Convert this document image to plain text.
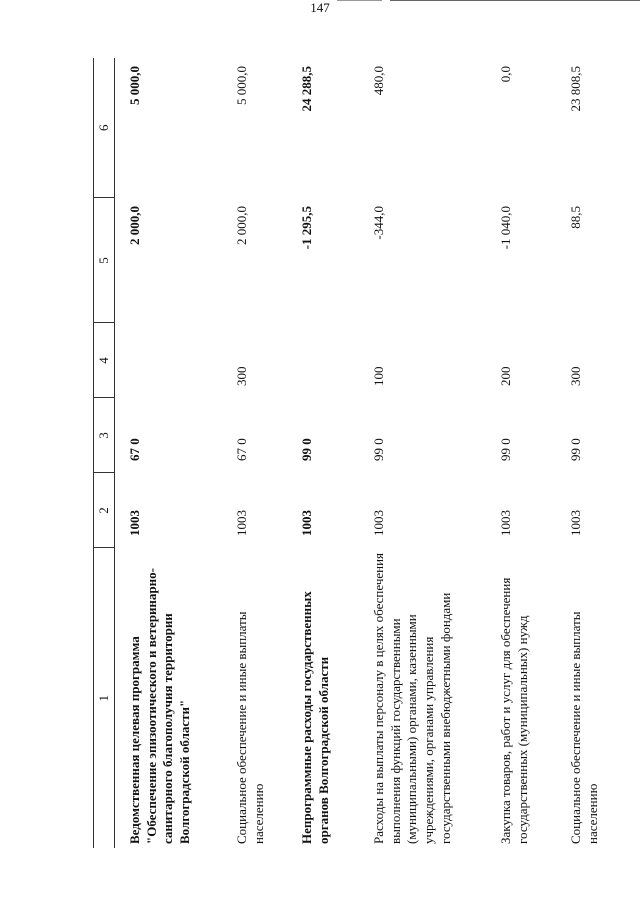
147
1	2	3	4	5	6
Ведомственная целевая программа "Обеспечение эпизоотического и ветеринарно-санитарного благополучия территории Волгоградской области"	1003	67 0		2 000,0	5 000,0
Социальное обеспечение и иные выплаты населению	1003	67 0	300	2 000,0	5 000,0
Непрограммные расходы государственных органов Волгоградской области	1003	99 0		-1 295,5	24 288,5
Расходы на выплаты персоналу в целях обеспечения выполнения функций государственными (муниципальными) органами, казенными учреждениями, органами управления государственными внебюджетными фондами	1003	99 0	100	-344,0	480,0
Закупка товаров, работ и услуг для обеспечения государственных (муниципальных) нужд	1003	99 0	200	-1 040,0	0,0
Социальное обеспечение и иные выплаты населению	1003	99 0	300	88,5	23 808,5
